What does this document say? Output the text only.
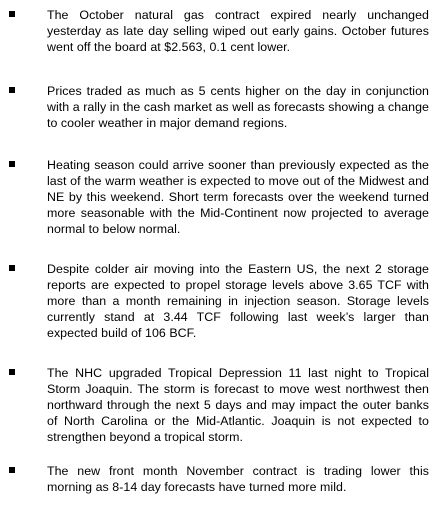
The October natural gas contract expired nearly unchanged yesterday as late day selling wiped out early gains. October futures went off the board at $2.563, 0.1 cent lower.

Prices traded as much as 5 cents higher on the day in conjunction with a rally in the cash market as well as forecasts showing a change to cooler weather in major demand regions.

Heating season could arrive sooner than previously expected as the last of the warm weather is expected to move out of the Midwest and NE by this weekend. Short term forecasts over the weekend turned more seasonable with the Mid-Continent now projected to average normal to below normal.

Despite colder air moving into the Eastern US, the next 2 storage reports are expected to propel storage levels above 3.65 TCF with more than a month remaining in injection season. Storage levels currently stand at 3.44 TCF following last week’s larger than expected build of 106 BCF.

The NHC upgraded Tropical Depression 11 last night to Tropical Storm Joaquin. The storm is forecast to move west northwest then northward through the next 5 days and may impact the outer banks of North Carolina or the Mid-Atlantic. Joaquin is not expected to strengthen beyond a tropical storm.

The new front month November contract is trading lower this morning as 8-14 day forecasts have turned more mild.
